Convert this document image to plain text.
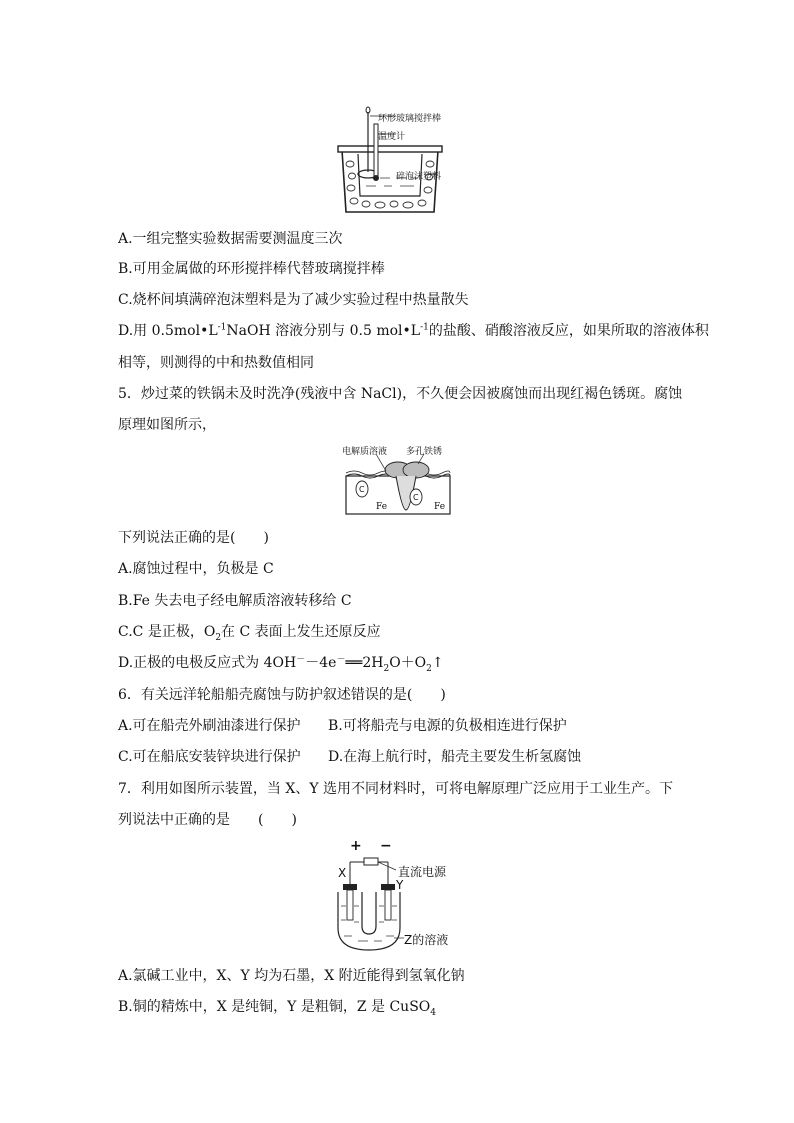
环形玻璃搅拌棒
温度计
碎泡沫塑料
A.一组完整实验数据需要测温度三次
B.可用金属做的环形搅拌棒代替玻璃搅拌棒
C.烧杯间填满碎泡沫塑料是为了减少实验过程中热量散失
D.用 $0.5mol•L^{-1}NaOH$ 溶液分别与 0.5 $mol•L^{-1}$的盐酸、硝酸溶液反应，如果所取的溶液体积
相等，则测得的中和热数值相同
5．炒过菜的铁锅未及时洗净(残液中含 NaCl)，不久便会因被腐蚀而出现红褐色锈斑。腐蚀
原理如图所示，
电解质溶液 多孔铁锈
C
C
Fe	Fe
下列说法正确的是(　　)
A.腐蚀过程中，负极是 C
B.Fe 失去电子经电解质溶液转移给 C
C.C 是正极，$O_2$在 C 表面上发生还原反应
D.正极的电极反应式为 $4OH^--4e^-══2H_2O+O_2↑$
6．有关远洋轮船船壳腐蚀与防护叙述错误的是(　　)
A.可在船壳外刷油漆进行保护 B.可将船壳与电源的负极相连进行保护
C.可在船底安装锌块进行保护 D.在海上航行时，船壳主要发生析氢腐蚀
7．利用如图所示装置，当 X、Y 选用不同材料时，可将电解原理广泛应用于工业生产。下
列说法中正确的是　　(　　)
+ −
直流电源
X
Y
Z的溶液
A.氯碱工业中，X、Y 均为石墨，X 附近能得到氢氧化钠
B.铜的精炼中，X 是纯铜，Y 是粗铜，Z 是 CuSO$_4$
